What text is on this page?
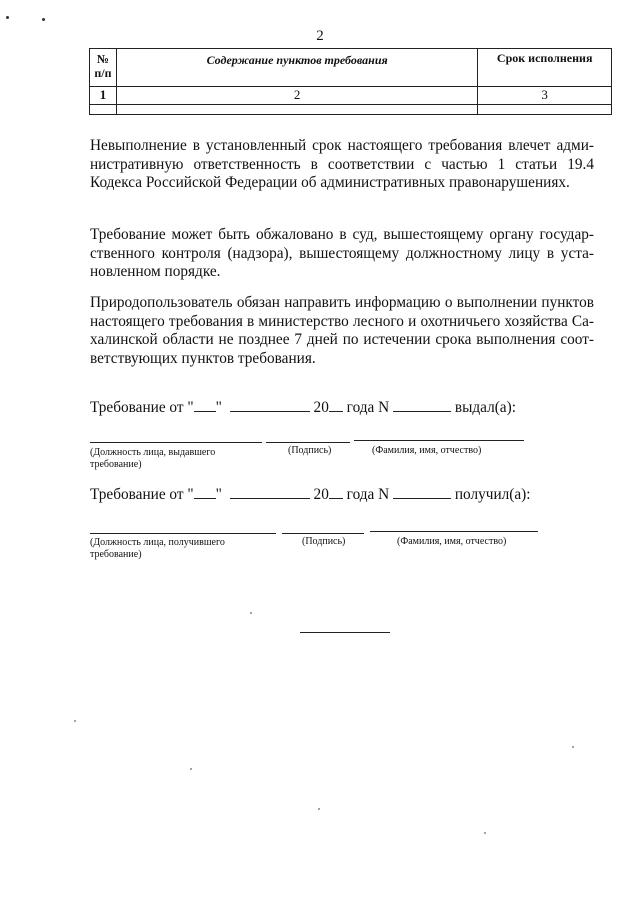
2
№
п/п	Содержание пунктов требования	Срок исполнения
1	2	3

Невыполнение в установленный срок настоящего требования влечет адми-
нистративную ответственность в соответствии с частью 1 статьи 19.4
Кодекса Российской Федерации об административных правонарушениях.
Требование может быть обжаловано в суд, вышестоящему органу государ-
ственного контроля (надзора), вышестоящему должностному лицу в уста-
новленном порядке.
Природопользователь обязан направить информацию о выполнении пунктов
настоящего требования в министерство лесного и охотничьего хозяйства Са-
халинской области не позднее 7 дней по истечении срока выполнения соот-
ветствующих пунктов требования.
Требование от " "	20 года N	выдал(а):
(Должность лица, выдавшего требование)
(Подпись)	(Фамилия, имя, отчество)
Требование от " "	20 года N	получил(а):
(Должность лица, получившего требование)
(Подпись)	(Фамилия, имя, отчество)
